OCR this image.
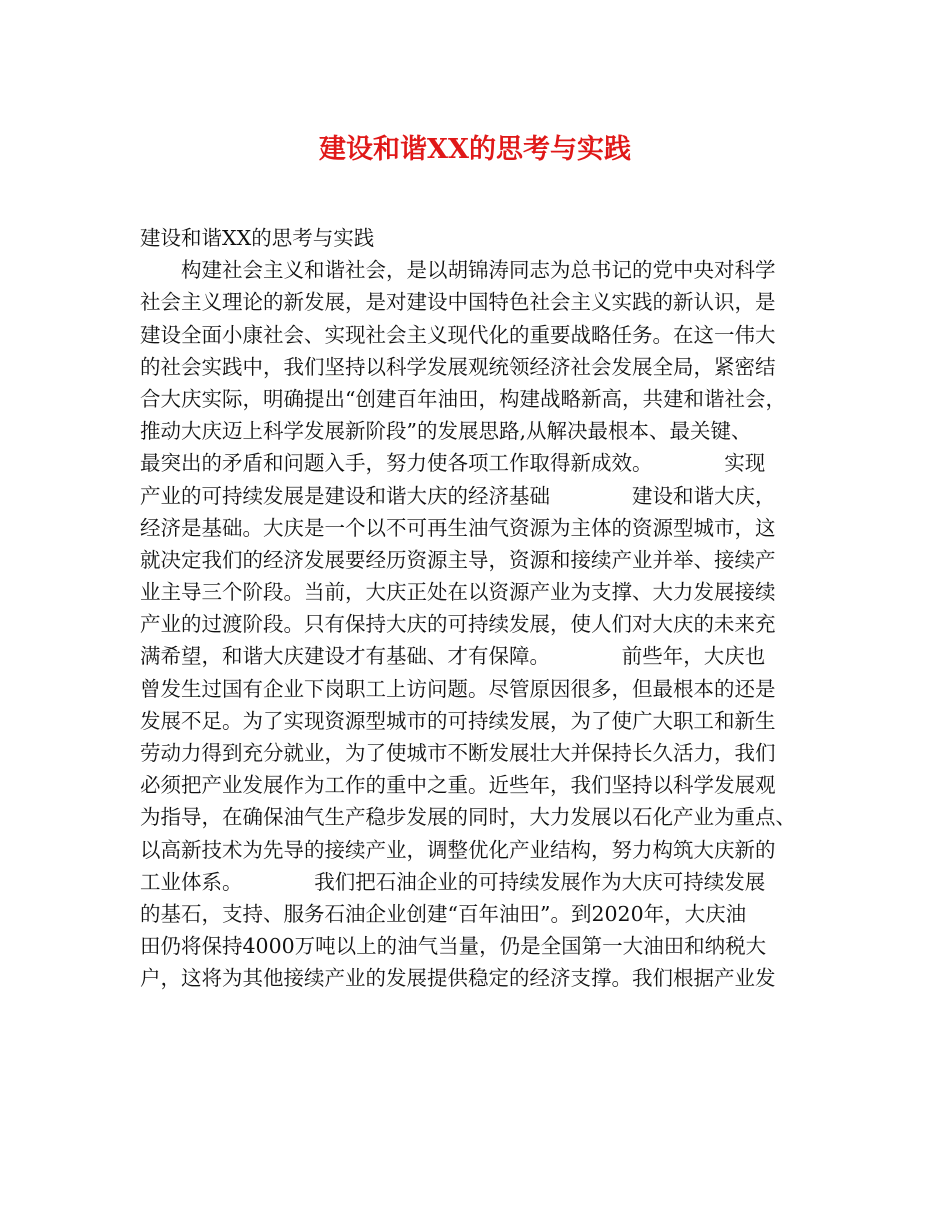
建设和谐XX的思考与实践
建设和谐XX的思考与实践
　　构建社会主义和谐社会，是以胡锦涛同志为总书记的党中央对科学
社会主义理论的新发展，是对建设中国特色社会主义实践的新认识，是
建设全面小康社会、实现社会主义现代化的重要战略任务。在这一伟大
的社会实践中，我们坚持以科学发展观统领经济社会发展全局，紧密结
合大庆实际，明确提出“创建百年油田，构建战略新高，共建和谐社会，
推动大庆迈上科学发展新阶段”的发展思路,从解决最根本、最关键、
最突出的矛盾和问题入手，努力使各项工作取得新成效。　　　　实现
产业的可持续发展是建设和谐大庆的经济基础　　　　建设和谐大庆，
经济是基础。大庆是一个以不可再生油气资源为主体的资源型城市，这
就决定我们的经济发展要经历资源主导，资源和接续产业并举、接续产
业主导三个阶段。当前，大庆正处在以资源产业为支撑、大力发展接续
产业的过渡阶段。只有保持大庆的可持续发展，使人们对大庆的未来充
满希望，和谐大庆建设才有基础、才有保障。　　　　前些年，大庆也
曾发生过国有企业下岗职工上访问题。尽管原因很多，但最根本的还是
发展不足。为了实现资源型城市的可持续发展，为了使广大职工和新生
劳动力得到充分就业，为了使城市不断发展壮大并保持长久活力，我们
必须把产业发展作为工作的重中之重。近些年，我们坚持以科学发展观
为指导，在确保油气生产稳步发展的同时，大力发展以石化产业为重点、
以高新技术为先导的接续产业，调整优化产业结构，努力构筑大庆新的
工业体系。　　　　我们把石油企业的可持续发展作为大庆可持续发展
的基石，支持、服务石油企业创建“百年油田”。到2020年，大庆油
田仍将保持4000万吨以上的油气当量，仍是全国第一大油田和纳税大
户，这将为其他接续产业的发展提供稳定的经济支撑。我们根据产业发
